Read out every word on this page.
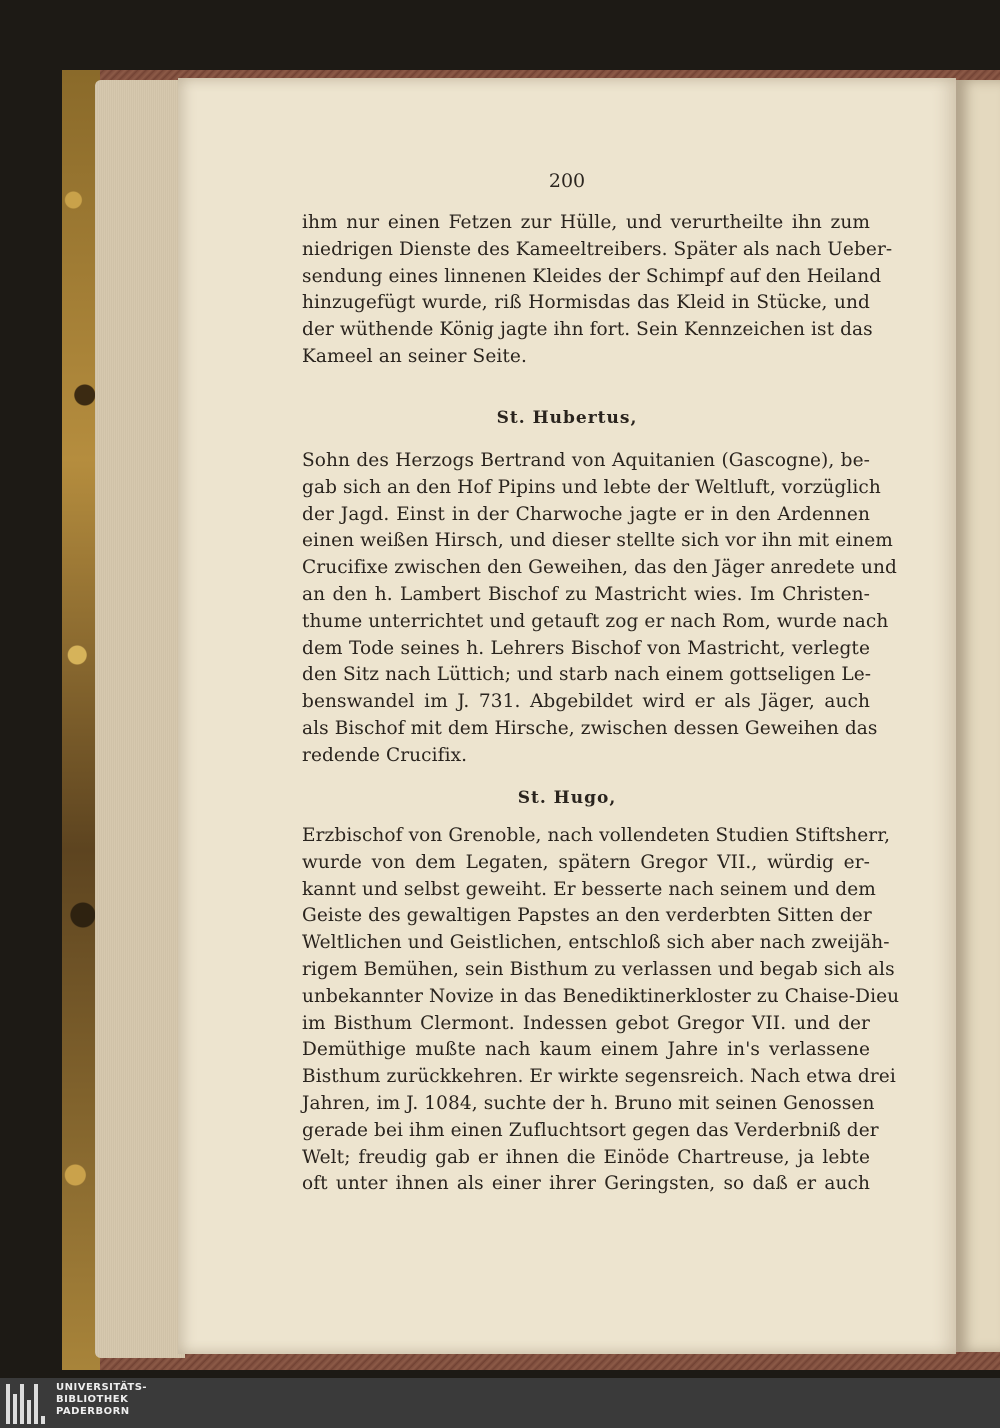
200
ihm nur einen Fetzen zur Hülle, und verurtheilte ihn zum
niedrigen Dienste des Kameeltreibers. Später als nach Ueber-
sendung eines linnenen Kleides der Schimpf auf den Heiland
hinzugefügt wurde, riß Hormisdas das Kleid in Stücke, und
der wüthende König jagte ihn fort. Sein Kennzeichen ist das
Kameel an seiner Seite.
St. Hubertus,
Sohn des Herzogs Bertrand von Aquitanien (Gascogne), be-
gab sich an den Hof Pipins und lebte der Weltluft, vorzüglich
der Jagd. Einst in der Charwoche jagte er in den Ardennen
einen weißen Hirsch, und dieser stellte sich vor ihn mit einem
Crucifixe zwischen den Geweihen, das den Jäger anredete und
an den h. Lambert Bischof zu Mastricht wies. Im Christen-
thume unterrichtet und getauft zog er nach Rom, wurde nach
dem Tode seines h. Lehrers Bischof von Mastricht, verlegte
den Sitz nach Lüttich; und starb nach einem gottseligen Le-
benswandel im J. 731. Abgebildet wird er als Jäger, auch
als Bischof mit dem Hirsche, zwischen dessen Geweihen das
redende Crucifix.
St. Hugo,
Erzbischof von Grenoble, nach vollendeten Studien Stiftsherr,
wurde von dem Legaten, spätern Gregor VII., würdig er-
kannt und selbst geweiht. Er besserte nach seinem und dem
Geiste des gewaltigen Papstes an den verderbten Sitten der
Weltlichen und Geistlichen, entschloß sich aber nach zweijäh-
rigem Bemühen, sein Bisthum zu verlassen und begab sich als
unbekannter Novize in das Benediktinerkloster zu Chaise-Dieu
im Bisthum Clermont. Indessen gebot Gregor VII. und der
Demüthige mußte nach kaum einem Jahre in's verlassene
Bisthum zurückkehren. Er wirkte segensreich. Nach etwa drei
Jahren, im J. 1084, suchte der h. Bruno mit seinen Genossen
gerade bei ihm einen Zufluchtsort gegen das Verderbniß der
Welt; freudig gab er ihnen die Einöde Chartreuse, ja lebte
oft unter ihnen als einer ihrer Geringsten, so daß er auch
UNIVERSITÄTS-
BIBLIOTHEK
PADERBORN
